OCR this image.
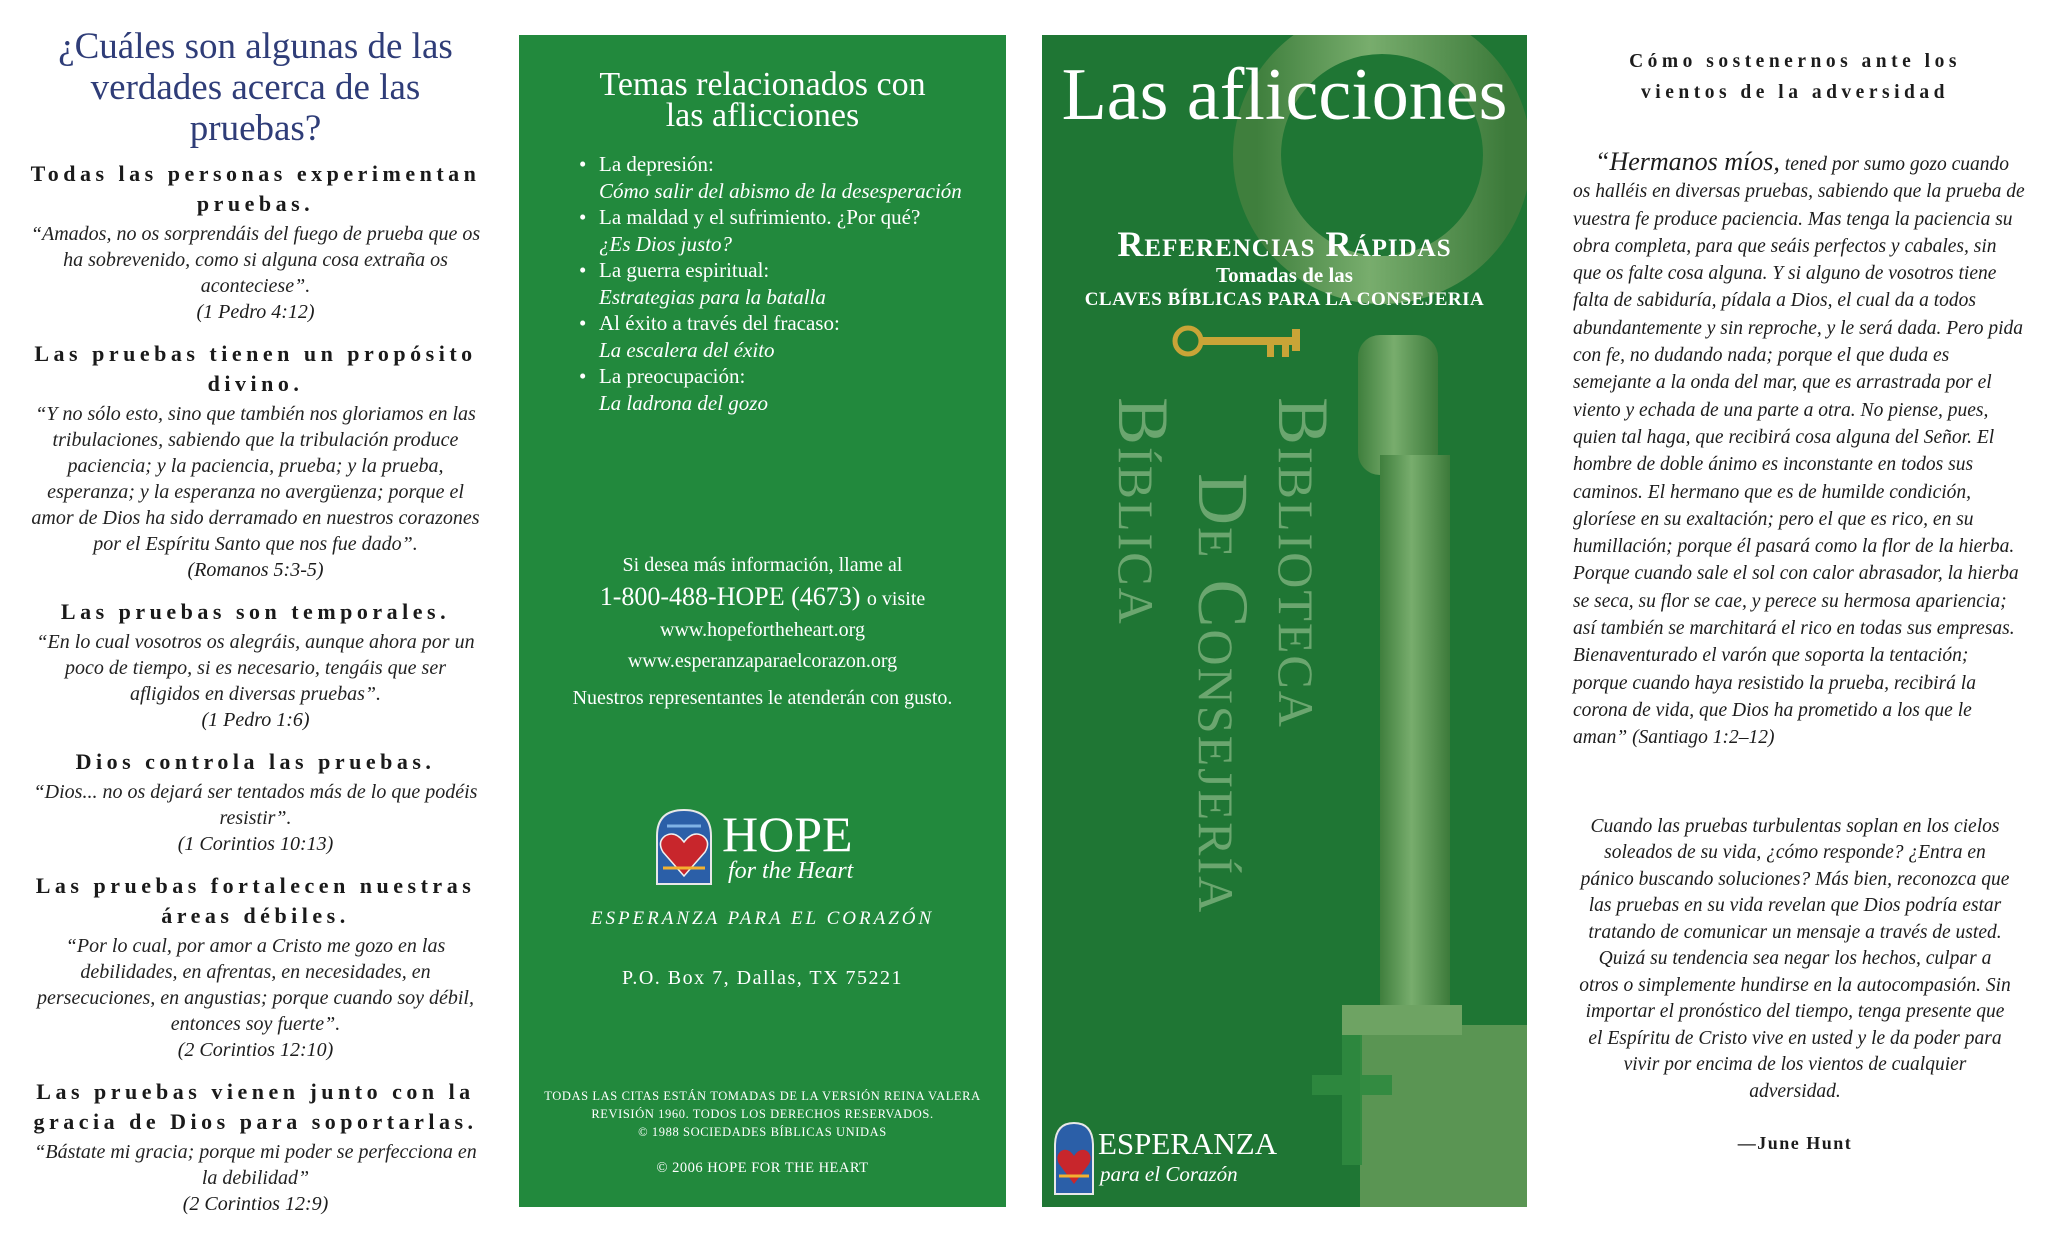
¿Cuáles son algunas de las verdades acerca de las pruebas?
Todas las personas experimentan pruebas.
“Amados, no os sorprendáis del fuego de prueba que os ha sobrevenido, como si alguna cosa extraña os aconteciese”.
(1 Pedro 4:12)
Las pruebas tienen un propósito divino.
“Y no sólo esto, sino que también nos gloriamos en las tribulaciones, sabiendo que la tribulación produce paciencia; y la paciencia, prueba; y la prueba, esperanza; y la esperanza no avergüenza; porque el amor de Dios ha sido derramado en nuestros corazones por el Espíritu Santo que nos fue dado”.
(Romanos 5:3-5)
Las pruebas son temporales.
“En lo cual vosotros os alegráis, aunque ahora por un poco de tiempo, si es necesario, tengáis que ser afligidos en diversas pruebas”.
(1 Pedro 1:6)
Dios controla las pruebas.
“Dios... no os dejará ser tentados más de lo que podéis resistir”.
(1 Corintios 10:13)
Las pruebas fortalecen nuestras áreas débiles.
“Por lo cual, por amor a Cristo me gozo en las debilidades, en afrentas, en necesidades, en persecuciones, en angustias; porque cuando soy débil, entonces soy fuerte”.
(2 Corintios 12:10)
Las pruebas vienen junto con la gracia de Dios para soportarlas.
“Bástate mi gracia; porque mi poder se perfecciona en la debilidad”
(2 Corintios 12:9)
Temas relacionados con las aflicciones
• La depresión:
Cómo salir del abismo de la desesperación
• La maldad y el sufrimiento. ¿Por qué?
¿Es Dios justo?
• La guerra espiritual:
Estrategias para la batalla
• Al éxito a través del fracaso:
La escalera del éxito
• La preocupación:
La ladrona del gozo
Si desea más información, llame al
1-800-488-HOPE (4673) o visite
www.hopefortheheart.org
www.esperanzaparaelcorazon.org
Nuestros representantes le atenderán con gusto.
HOPE
for the Heart
ESPERANZA PARA EL CORAZÓN
P.O. Box 7, Dallas, TX 75221
TODAS LAS CITAS ESTÁN TOMADAS DE LA VERSIÓN REINA VALERA
REVISIÓN 1960. TODOS LOS DERECHOS RESERVADOS.
© 1988 SOCIEDADES BÍBLICAS UNIDAS
© 2006 HOPE FOR THE HEART
Las aflicciones
Referencias Rápidas
Tomadas de las
CLAVES BÍBLICAS PARA LA CONSEJERIA
Biblioteca
De Consejería
Bíblica
ESPERANZA
para el Corazón
Cómo sostenernos ante los
vientos de la adversidad

“Hermanos míos, tened por sumo gozo cuando os halléis en diversas pruebas, sabiendo que la prueba de vuestra fe produce paciencia. Mas tenga la paciencia su obra completa, para que seáis perfectos y cabales, sin que os falte cosa alguna. Y si alguno de vosotros tiene falta de sabiduría, pídala a Dios, el cual da a todos abundantemente y sin reproche, y le será dada. Pero pida con fe, no dudando nada; porque el que duda es semejante a la onda del mar, que es arrastrada por el viento y echada de una parte a otra. No piense, pues, quien tal haga, que recibirá cosa alguna del Señor. El hombre de doble ánimo es inconstante en todos sus caminos. El hermano que es de humilde condición, gloríese en su exaltación; pero el que es rico, en su humillación; porque él pasará como la flor de la hierba. Porque cuando sale el sol con calor abrasador, la hierba se seca, su flor se cae, y perece su hermosa apariencia; así también se marchitará el rico en todas sus empresas. Bienaventurado el varón que soporta la tentación; porque cuando haya resistido la prueba, recibirá la corona de vida, que Dios ha prometido a los que le aman” (Santiago 1:2–12)

Cuando las pruebas turbulentas soplan en los cielos soleados de su vida, ¿cómo responde? ¿Entra en pánico buscando soluciones? Más bien, reconozca que las pruebas en su vida revelan que Dios podría estar tratando de comunicar un mensaje a través de usted. Quizá su tendencia sea negar los hechos, culpar a otros o simplemente hundirse en la autocompasión. Sin importar el pronóstico del tiempo, tenga presente que el Espíritu de Cristo vive en usted y le da poder para vivir por encima de los vientos de cualquier adversidad.

—June Hunt
